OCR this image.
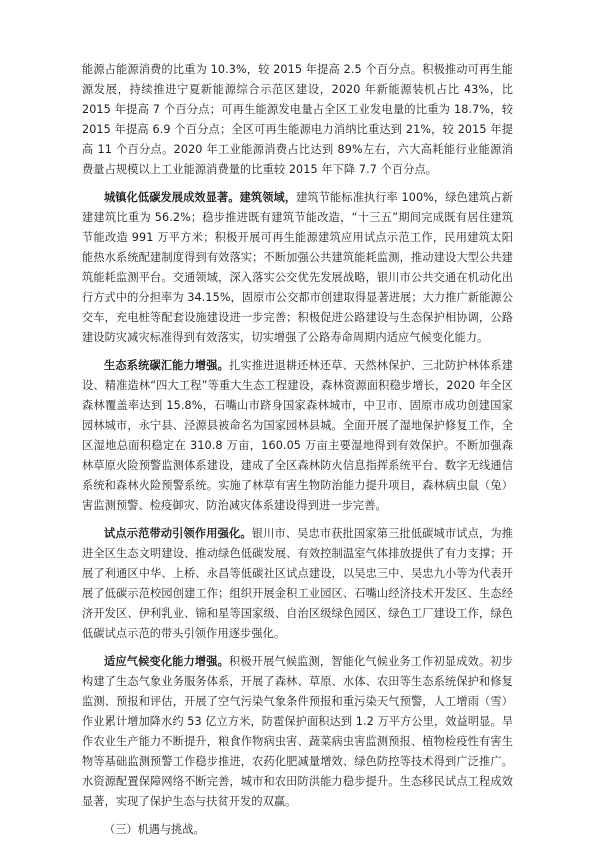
能源占能源消费的比重为 10.3%，较 2015 年提高 2.5 个百分点。积极推动可再生能源发展，持续推进宁夏新能源综合示范区建设，2020 年新能源装机占比 43%，比 2015 年提高 7 个百分点；可再生能源发电量占全区工业发电量的比重为 18.7%，较 2015 年提高 6.9 个百分点；全区可再生能源电力消纳比重达到 21%，较 2015 年提高 11 个百分点。2020 年工业能源消费占比达到 89%左右，六大高耗能行业能源消费量占规模以上工业能源消费量的比重较 2015 年下降 7.7 个百分点。

城镇化低碳发展成效显著。建筑领域，建筑节能标准执行率 100%，绿色建筑占新建建筑比重为 56.2%；稳步推进既有建筑节能改造，“十三五”期间完成既有居住建筑节能改造 991 万平方米；积极开展可再生能源建筑应用试点示范工作，民用建筑太阳能热水系统配建制度得到有效落实；不断加强公共建筑能耗监测，推动建设大型公共建筑能耗监测平台。交通领域，深入落实公交优先发展战略，银川市公共交通在机动化出行方式中的分担率为 34.15%，固原市公交都市创建取得显著进展；大力推广新能源公交车，充电桩等配套设施建设进一步完善；积极促进公路建设与生态保护相协调，公路建设防灾减灾标准得到有效落实，切实增强了公路寿命周期内适应气候变化能力。

生态系统碳汇能力增强。扎实推进退耕还林还草、天然林保护、三北防护林体系建设、精准造林“四大工程”等重大生态工程建设，森林资源面积稳步增长，2020 年全区森林覆盖率达到 15.8%，石嘴山市跻身国家森林城市，中卫市、固原市成功创建国家园林城市，永宁县、泾源县被命名为国家园林县城。全面开展了湿地保护修复工作，全区湿地总面积稳定在 310.8 万亩，160.05 万亩主要湿地得到有效保护。不断加强森林草原火险预警监测体系建设，建成了全区森林防火信息指挥系统平台、数字无线通信系统和森林火险预警系统。实施了林草有害生物防治能力提升项目，森林病虫鼠（兔）害监测预警、检疫御灾、防治减灾体系建设得到进一步完善。

试点示范带动引领作用强化。银川市、吴忠市获批国家第三批低碳城市试点，为推进全区生态文明建设、推动绿色低碳发展、有效控制温室气体排放提供了有力支撑；开展了利通区中华、上桥、永昌等低碳社区试点建设，以吴忠三中、吴忠九小等为代表开展了低碳示范校园创建工作；组织开展金积工业园区、石嘴山经济技术开发区、生态经济开发区、伊利乳业、锦和星等国家级、自治区级绿色园区、绿色工厂建设工作，绿色低碳试点示范的带头引领作用逐步强化。

适应气候变化能力增强。积极开展气候监测，智能化气候业务工作初显成效。初步构建了生态气象业务服务体系，开展了森林、草原、水体、农田等生态系统保护和修复监测、预报和评估，开展了空气污染气象条件预报和重污染天气预警，人工增雨（雪）作业累计增加降水约 53 亿立方米，防雹保护面积达到 1.2 万平方公里，效益明显。旱作农业生产能力不断提升，粮食作物病虫害、蔬菜病虫害监测预报、植物检疫性有害生物等基础监测预警工作稳步推进，农药化肥减量增效、绿色防控等技术得到广泛推广。水资源配置保障网络不断完善，城市和农田防洪能力稳步提升。生态移民试点工程成效显著，实现了保护生态与扶贫开发的双赢。

（三）机遇与挑战。
